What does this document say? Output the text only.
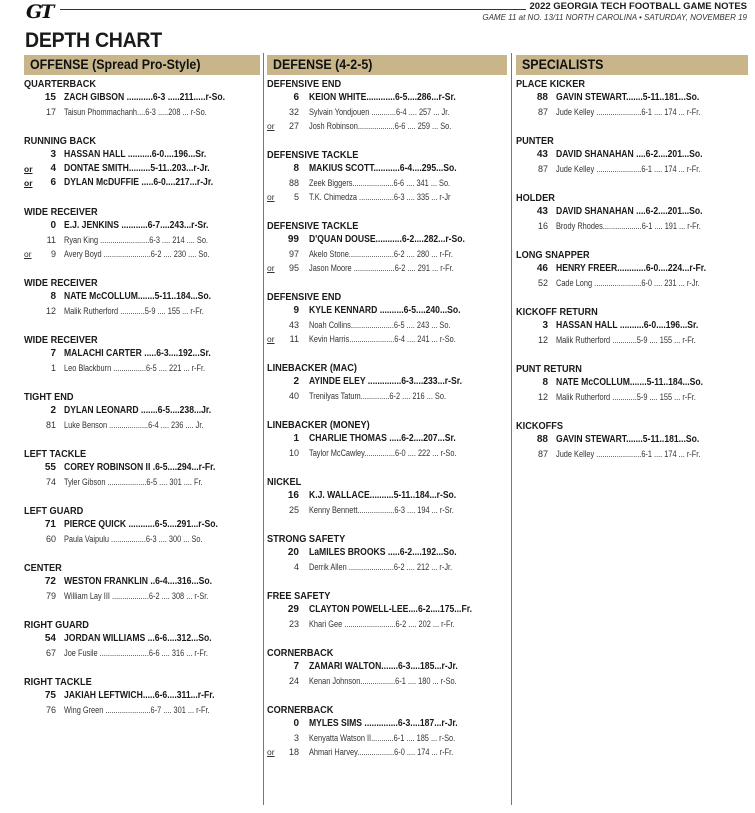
GT	2022 GEORGIA TECH FOOTBALL GAME NOTES
GAME 11 at NO. 13/11 NORTH CAROLINA • SATURDAY, NOVEMBER 19
DEPTH CHART
OFFENSE (Spread Pro-Style)
QUARTERBACK
15 ZACH GIBSON ...........6-3 .....211.....r-So.
17 Taisun Phommachanh....6-3 .....208 ... r-So.
RUNNING BACK
3 HASSAN HALL ..........6-0....196...Sr.
or	4 DONTAE SMITH.........5-11..203...r-Jr.
or	6 DYLAN McDUFFIE .....6-0....217...r-Jr.
WIDE RECEIVER
0 E.J. JENKINS ...........6-7....243...r-Sr.
11 Ryan King ........................6-3 .... 214 .... So.
or	9 Avery Boyd .......................6-2 .... 230 .... So.
WIDE RECEIVER
8 NATE McCOLLUM.......5-11..184...So.
12 Malik Rutherford ............5-9 .... 155 ... r-Fr.
WIDE RECEIVER
7 MALACHI CARTER .....6-3....192...Sr.
1 Leo Blackburn ................6-5 .... 221 ... r-Fr.
TIGHT END
2 DYLAN LEONARD .......6-5....238...Jr.
81 Luke Benson ...................6-4 .... 236 .... Jr.
LEFT TACKLE
55 COREY ROBINSON II .6-5....294...r-Fr.
74 Tyler Gibson ...................6-5 .... 301 .... Fr.
LEFT GUARD
71 PIERCE QUICK ...........6-5....291...r-So.
60 Paula Vaipulu .................6-3 .... 300 ... So.
CENTER
72 WESTON FRANKLIN ..6-4....316...So.
79 William Lay III ..................6-2 .... 308 ... r-Sr.
RIGHT GUARD
54 JORDAN WILLIAMS ...6-6....312...So.
67 Joe Fusile ........................6-6 .... 316 ... r-Fr.
RIGHT TACKLE
75 JAKIAH LEFTWICH.....6-6....311...r-Fr.
76 Wing Green ......................6-7 .... 301 ... r-Fr.
DEFENSE (4-2-5)
DEFENSIVE END
6 KEION WHITE............6-5....286...r-Sr.
32 Sylvain Yondjouen ............6-4 .... 257 ... Jr.
or	27 Josh Robinson..................6-6 .... 259 ... So.
DEFENSIVE TACKLE
8 MAKIUS SCOTT...........6-4....295...So.
88 Zeek Biggers....................6-6 .... 341 ... So.
or	5 T.K. Chimedza .................6-3 .... 335 ... r-Jr
DEFENSIVE TACKLE
99 D'QUAN DOUSE...........6-2....282...r-So.
97 Akelo Stone......................6-2 .... 280 ... r-Fr.
or	95 Jason Moore ....................6-2 .... 291 ... r-Fr.
DEFENSIVE END
9 KYLE KENNARD ..........6-5....240...So.
43 Noah Collins.....................6-5 .... 243 ... So.
or	11 Kevin Harris......................6-4 .... 241 ... r-So.
LINEBACKER (MAC)
2 AYINDE ELEY ..............6-3....233...r-Sr.
40 Trenilyas Tatum..............6-2 .... 216 ... So.
LINEBACKER (MONEY)
1 CHARLIE THOMAS .....6-2....207...Sr.
10 Taylor McCawley...............6-0 .... 222 ... r-So.
NICKEL
16 K.J. WALLACE..........5-11..184...r-So.
25 Kenny Bennett..................6-3 .... 194 ... r-Sr.
STRONG SAFETY
20 LaMILES BROOKS .....6-2....192...So.
4 Derrik Allen ......................6-2 .... 212 ... r-Jr.
FREE SAFETY
29 CLAYTON POWELL-LEE....6-2....175...Fr.
23 Khari Gee .........................6-2 .... 202 ... r-Fr.
CORNERBACK
7 ZAMARI WALTON.......6-3....185...r-Jr.
24 Kenan Johnson.................6-1 .... 180 ... r-So.
CORNERBACK
0 MYLES SIMS ..............6-3....187...r-Jr.
3 Kenyatta Watson II...........6-1 .... 185 ... r-So.
or	18 Ahmari Harvey..................6-0 .... 174 ... r-Fr.
SPECIALISTS
PLACE KICKER
88 GAVIN STEWART.......5-11..181...So.
87 Jude Kelley ......................6-1 .... 174 ... r-Fr.
PUNTER
43 DAVID SHANAHAN ....6-2....201...So.
87 Jude Kelley ......................6-1 .... 174 ... r-Fr.
HOLDER
43 DAVID SHANAHAN ....6-2....201...So.
16 Brody Rhodes...................6-1 .... 191 ... r-Fr.
LONG SNAPPER
46 HENRY FREER............6-0....224...r-Fr.
52 Cade Long .......................6-0 .... 231 ... r-Jr.
KICKOFF RETURN
3 HASSAN HALL ..........6-0....196...Sr.
12 Malik Rutherford ............5-9 .... 155 ... r-Fr.
PUNT RETURN
8 NATE McCOLLUM.......5-11..184...So.
12 Malik Rutherford ............5-9 .... 155 ... r-Fr.
KICKOFFS
88 GAVIN STEWART.......5-11..181...So.
87 Jude Kelley ......................6-1 .... 174 ... r-Fr.
